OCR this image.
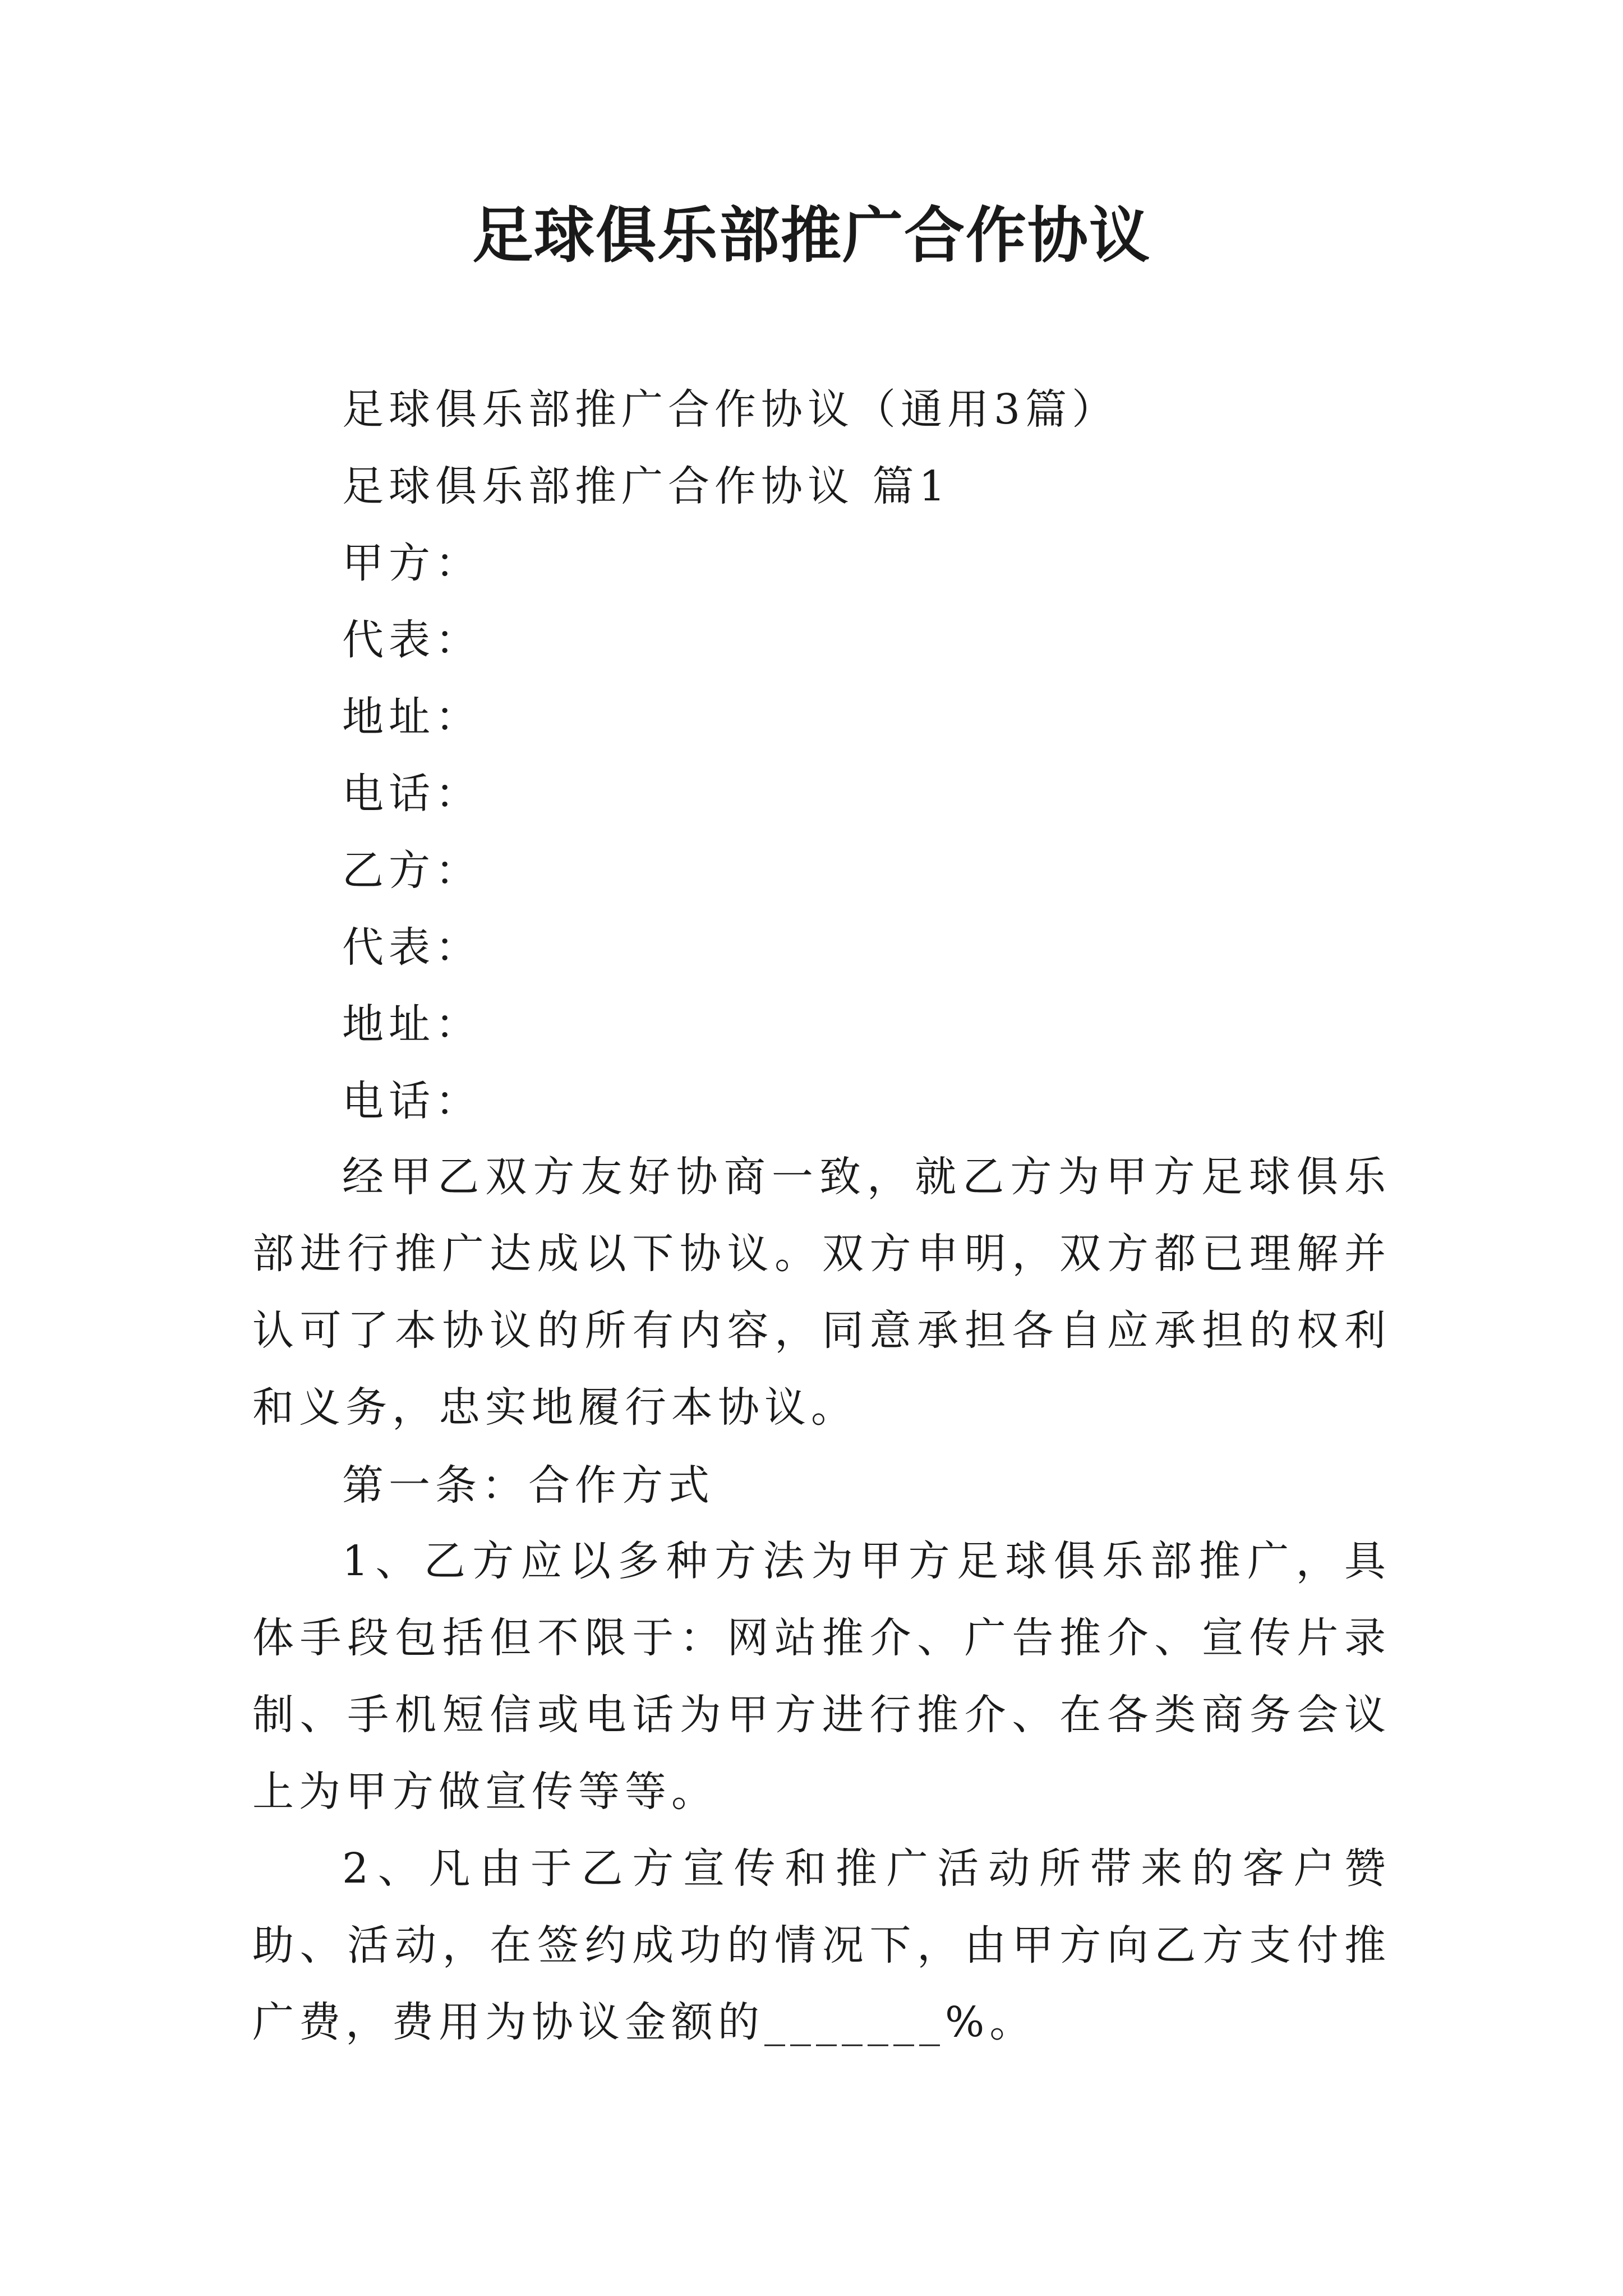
足球俱乐部推广合作协议
足球俱乐部推广合作协议（通用3篇）
足球俱乐部推广合作协议 篇1
甲方：
代表：
地址：
电话：
乙方：
代表：
地址：
电话：

经甲乙双方友好协商一致，就乙方为甲方足球俱乐部进行推广达成以下协议。双方申明，双方都已理解并认可了本协议的所有内容，同意承担各自应承担的权利和义务，忠实地履行本协议。

第一条：合作方式

1、乙方应以多种方法为甲方足球俱乐部推广，具体手段包括但不限于：网站推介、广告推介、宣传片录制、手机短信或电话为甲方进行推介、在各类商务会议上为甲方做宣传等等。

2、凡由于乙方宣传和推广活动所带来的客户赞助、活动，在签约成功的情况下，由甲方向乙方支付推广费，费用为协议金额的_______%。
